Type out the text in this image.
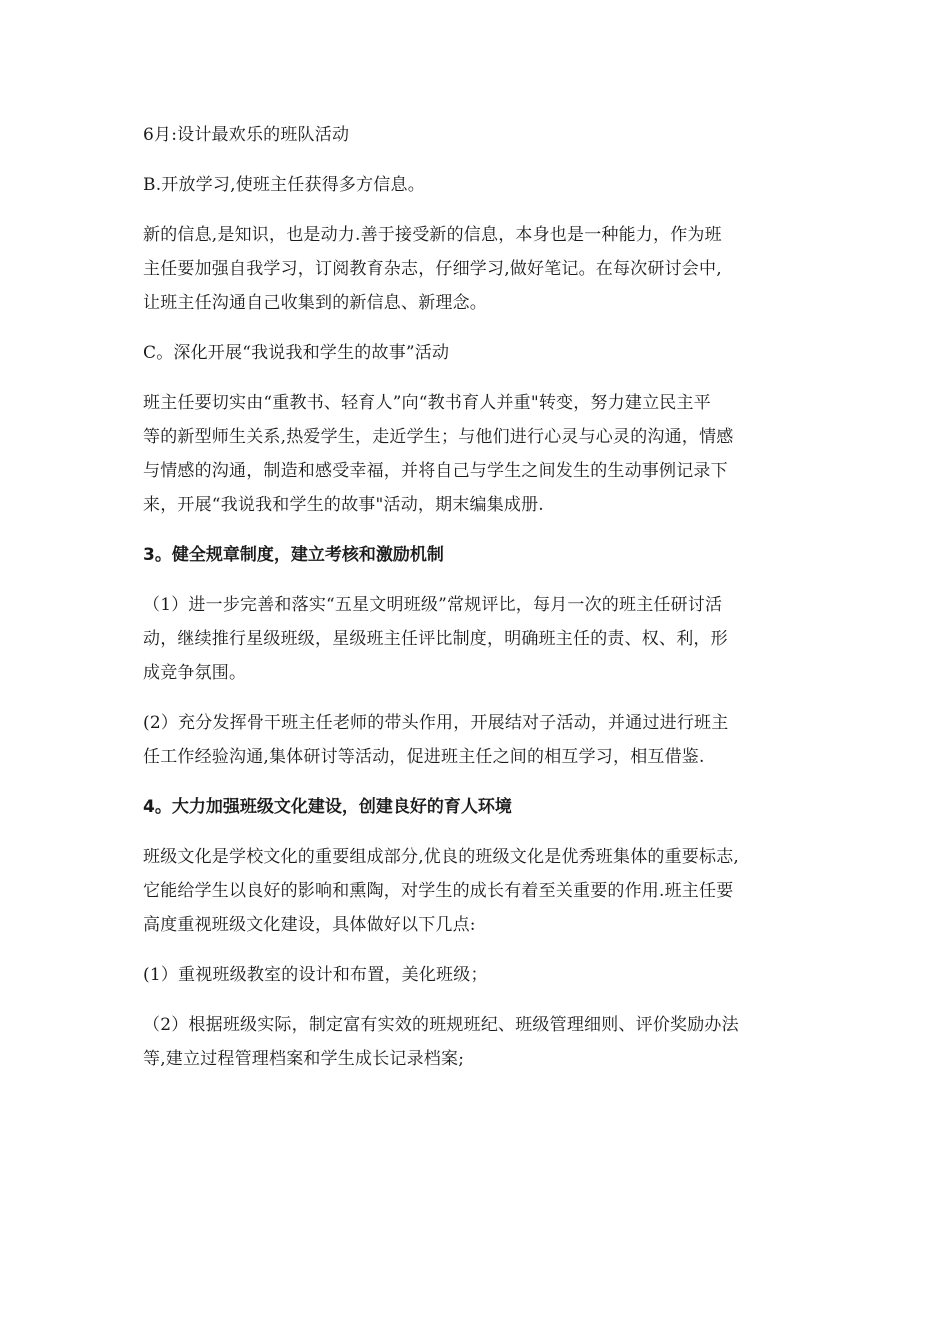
6月:设计最欢乐的班队活动

B.开放学习,使班主任获得多方信息。

新的信息,是知识，也是动力.善于接受新的信息，本身也是一种能力，作为班
主任要加强自我学习，订阅教育杂志，仔细学习,做好笔记。在每次研讨会中,
让班主任沟通自己收集到的新信息、新理念。

C。深化开展“我说我和学生的故事”活动

班主任要切实由“重教书、轻育人”向“教书育人并重"转变，努力建立民主平
等的新型师生关系,热爱学生，走近学生；与他们进行心灵与心灵的沟通，情感
与情感的沟通，制造和感受幸福，并将自己与学生之间发生的生动事例记录下
来，开展“我说我和学生的故事"活动，期末编集成册.

3。健全规章制度，建立考核和激励机制

（1）进一步完善和落实“五星文明班级”常规评比，每月一次的班主任研讨活
动，继续推行星级班级，星级班主任评比制度，明确班主任的责、权、利，形
成竞争氛围。

(2）充分发挥骨干班主任老师的带头作用，开展结对子活动，并通过进行班主
任工作经验沟通,集体研讨等活动，促进班主任之间的相互学习，相互借鉴.

4。大力加强班级文化建设，创建良好的育人环境

班级文化是学校文化的重要组成部分,优良的班级文化是优秀班集体的重要标志,
它能给学生以良好的影响和熏陶，对学生的成长有着至关重要的作用.班主任要
高度重视班级文化建设，具体做好以下几点:

(1）重视班级教室的设计和布置，美化班级；

（2）根据班级实际，制定富有实效的班规班纪、班级管理细则、评价奖励办法
等,建立过程管理档案和学生成长记录档案;
